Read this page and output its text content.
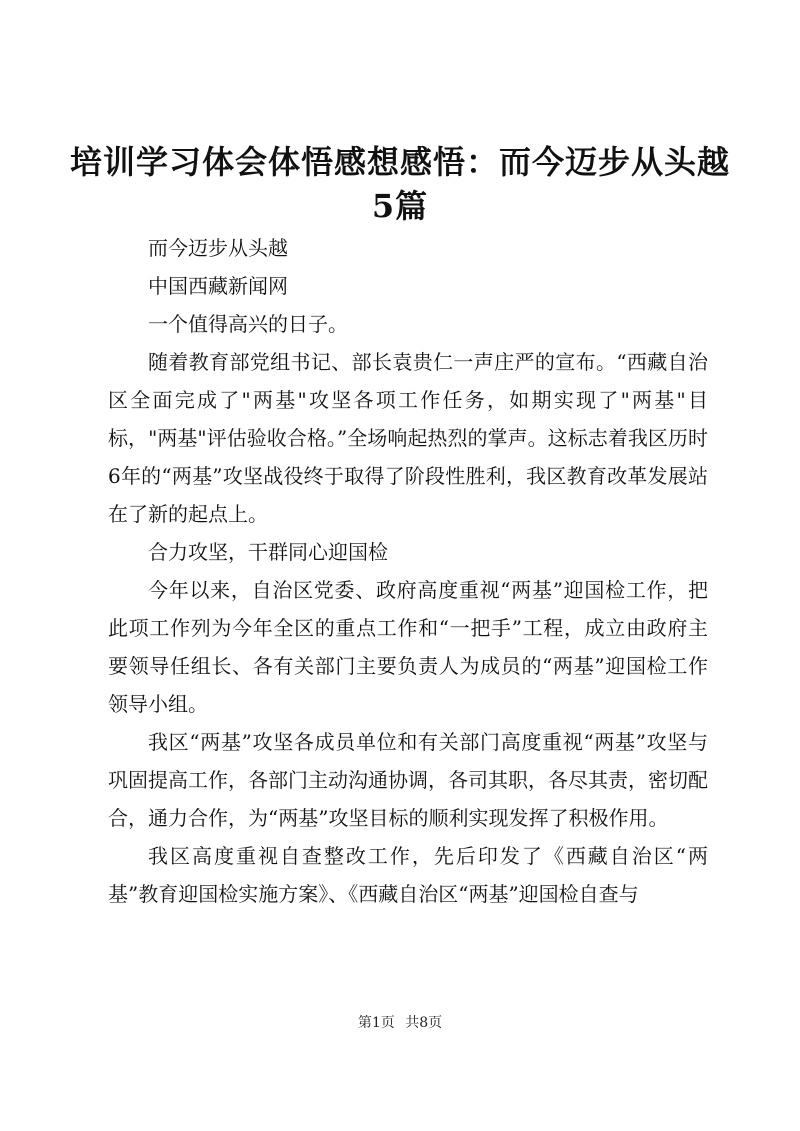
培训学习体会体悟感想感悟：而今迈步从头越
5篇

而今迈步从头越

中国西藏新闻网

一个值得高兴的日子。

随着教育部党组书记、部长袁贵仁一声庄严的宣布。“西藏自治区全面完成了"两基"攻坚各项工作任务，如期实现了"两基"目标，"两基"评估验收合格。”全场响起热烈的掌声。这标志着我区历时6年的“两基”攻坚战役终于取得了阶段性胜利，我区教育改革发展站在了新的起点上。

合力攻坚，干群同心迎国检

今年以来，自治区党委、政府高度重视“两基”迎国检工作，把此项工作列为今年全区的重点工作和“一把手”工程，成立由政府主要领导任组长、各有关部门主要负责人为成员的“两基”迎国检工作领导小组。

我区“两基”攻坚各成员单位和有关部门高度重视“两基”攻坚与巩固提高工作，各部门主动沟通协调，各司其职，各尽其责，密切配合，通力合作，为“两基”攻坚目标的顺利实现发挥了积极作用。

我区高度重视自查整改工作，先后印发了《西藏自治区“两基”教育迎国检实施方案》、《西藏自治区“两基”迎国检自查与

第1页 共8页
